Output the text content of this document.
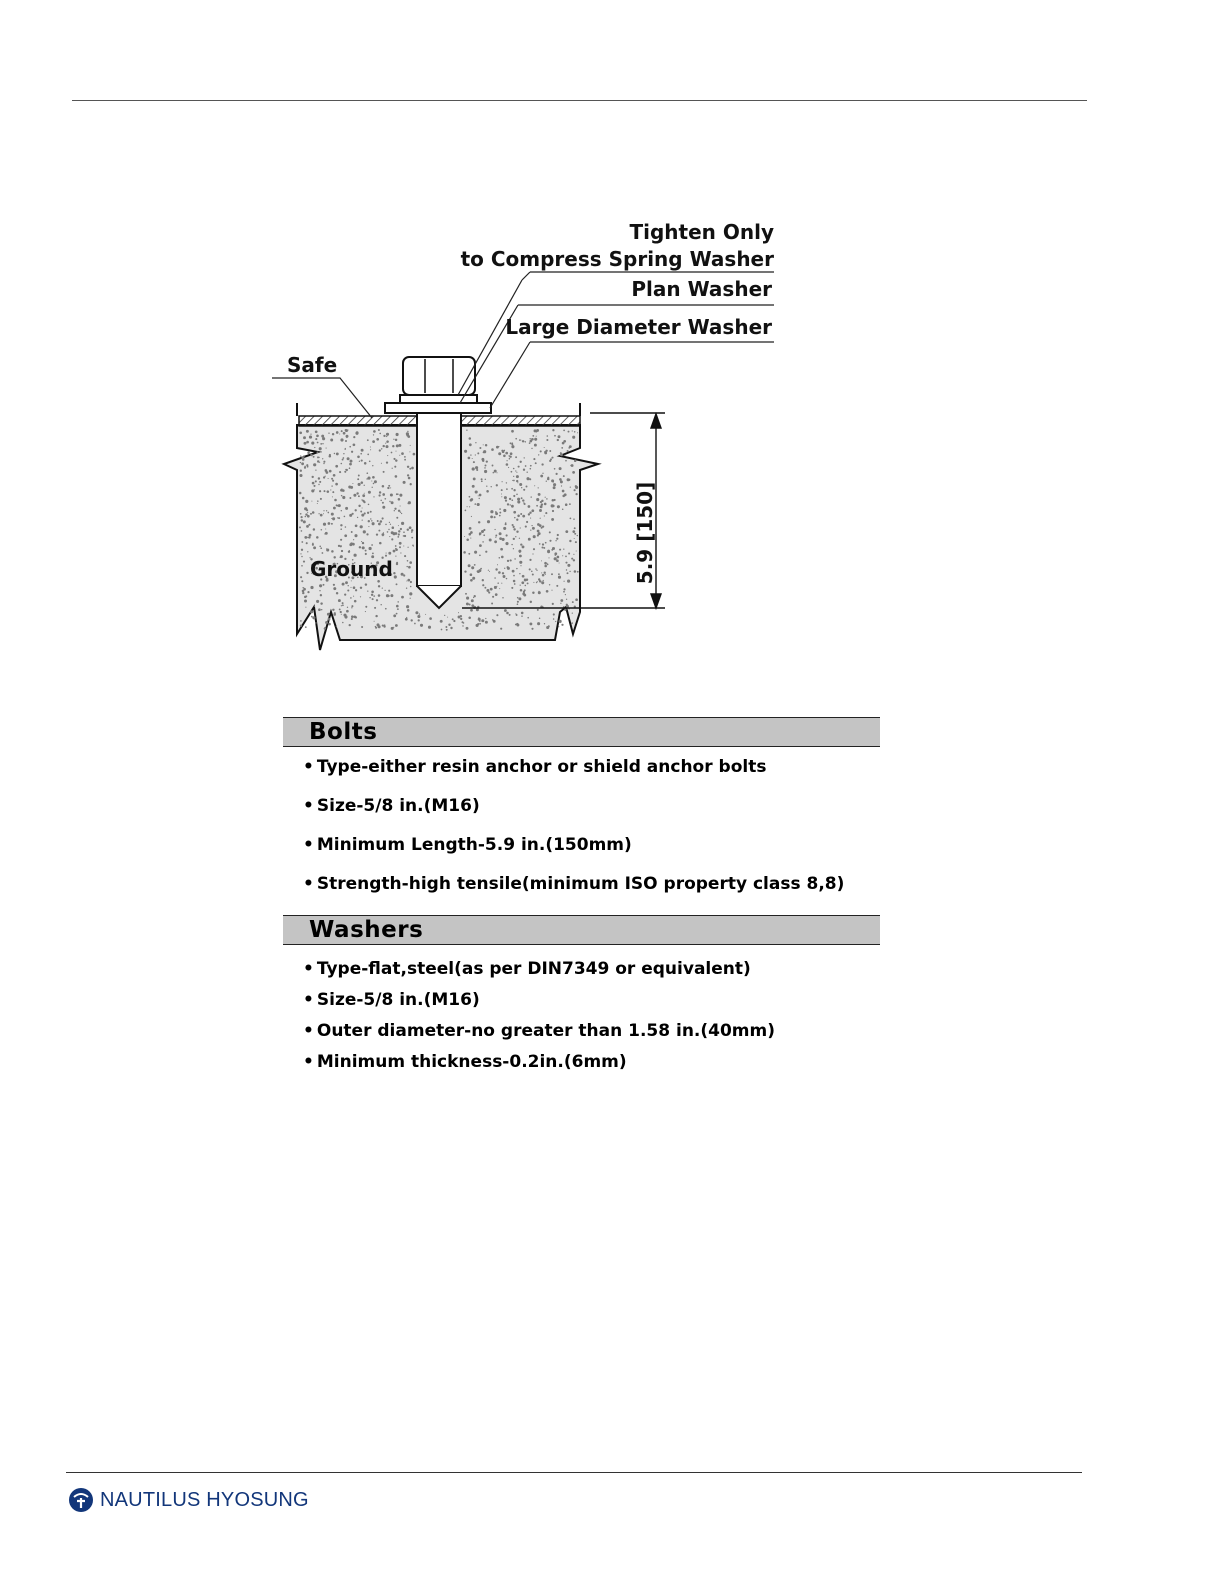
Tighten Only
to Compress Spring Washer
Plan Washer
Large Diameter Washer
Safe
Ground	5.9 [150]
Bolts
• Type-either resin anchor or shield anchor bolts
• Size-5/8 in.(M16)
• Minimum Length-5.9 in.(150mm)
• Strength-high tensile(minimum ISO property class 8,8)
Washers
• Type-flat,steel(as per DIN7349 or equivalent)
• Size-5/8 in.(M16)
• Outer diameter-no greater than 1.58 in.(40mm)
• Minimum thickness-0.2in.(6mm)
NAUTILUS HYOSUNG
